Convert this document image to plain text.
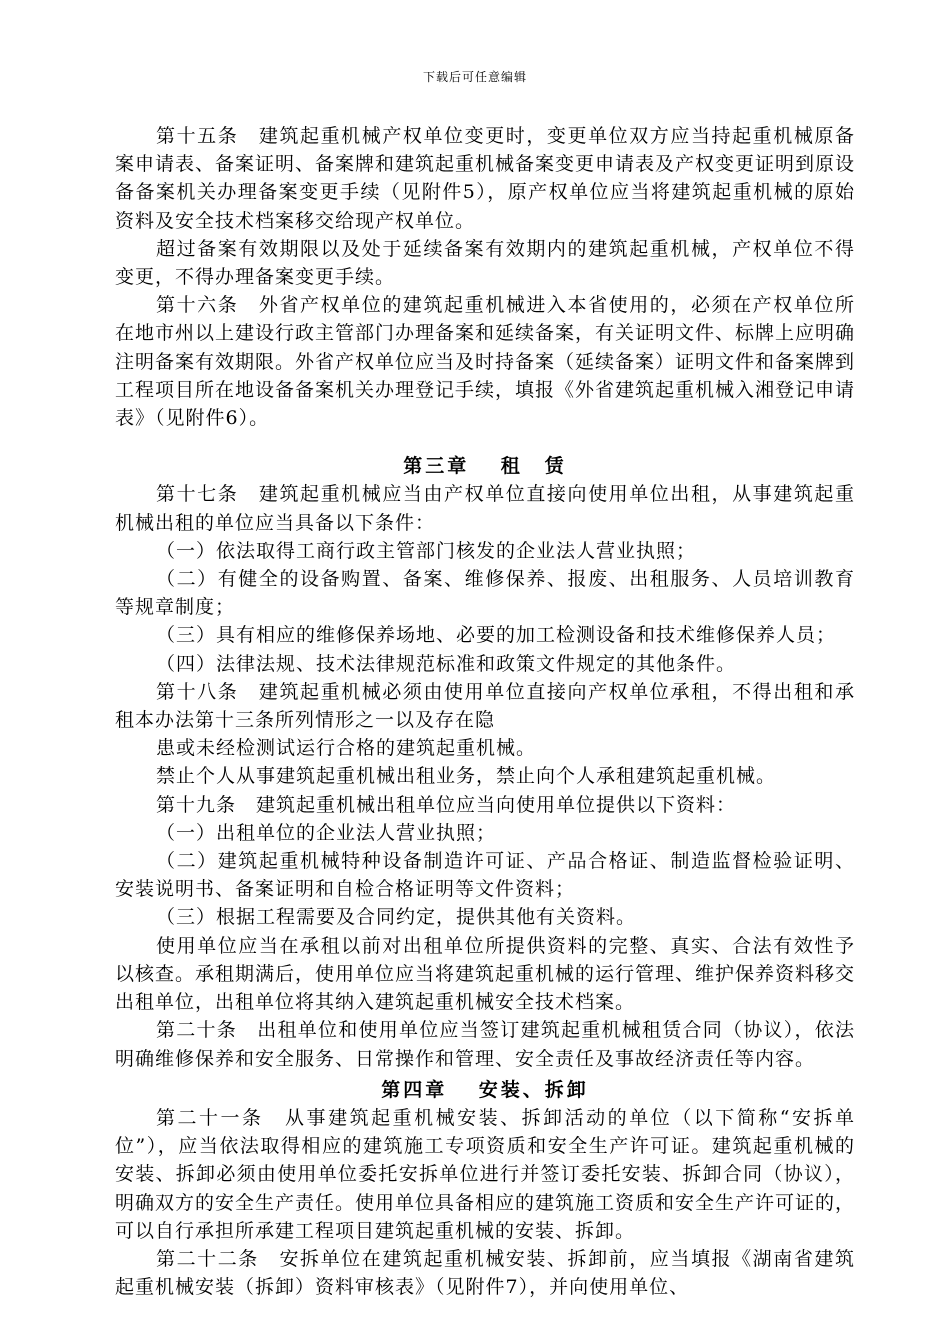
下载后可任意编辑

第十五条　建筑起重机械产权单位变更时，变更单位双方应当持起重机械原备案申请表、备案证明、备案牌和建筑起重机械备案变更申请表及产权变更证明到原设备备案机关办理备案变更手续（见附件5），原产权单位应当将建筑起重机械的原始资料及安全技术档案移交给现产权单位。

超过备案有效期限以及处于延续备案有效期内的建筑起重机械，产权单位不得变更，不得办理备案变更手续。

第十六条　外省产权单位的建筑起重机械进入本省使用的，必须在产权单位所在地市州以上建设行政主管部门办理备案和延续备案，有关证明文件、标牌上应明确注明备案有效期限。外省产权单位应当及时持备案（延续备案）证明文件和备案牌到工程项目所在地设备备案机关办理登记手续，填报《外省建筑起重机械入湘登记申请表》（见附件6）。

第三章　 租　赁

第十七条　建筑起重机械应当由产权单位直接向使用单位出租，从事建筑起重机械出租的单位应当具备以下条件：

（一）依法取得工商行政主管部门核发的企业法人营业执照；

（二）有健全的设备购置、备案、维修保养、报废、出租服务、人员培训教育等规章制度；

（三）具有相应的维修保养场地、必要的加工检测设备和技术维修保养人员；

（四）法律法规、技术法律规范标准和政策文件规定的其他条件。

第十八条　建筑起重机械必须由使用单位直接向产权单位承租，不得出租和承租本办法第十三条所列情形之一以及存在隐

患或未经检测试运行合格的建筑起重机械。

禁止个人从事建筑起重机械出租业务，禁止向个人承租建筑起重机械。

第十九条　建筑起重机械出租单位应当向使用单位提供以下资料：

（一）出租单位的企业法人营业执照；

（二）建筑起重机械特种设备制造许可证、产品合格证、制造监督检验证明、安装说明书、备案证明和自检合格证明等文件资料；

（三）根据工程需要及合同约定，提供其他有关资料。

使用单位应当在承租以前对出租单位所提供资料的完整、真实、合法有效性予以核查。承租期满后，使用单位应当将建筑起重机械的运行管理、维护保养资料移交出租单位，出租单位将其纳入建筑起重机械安全技术档案。

第二十条　出租单位和使用单位应当签订建筑起重机械租赁合同（协议），依法明确维修保养和安全服务、日常操作和管理、安全责任及事故经济责任等内容。

第四章　 安装、拆卸

第二十一条　从事建筑起重机械安装、拆卸活动的单位（以下简称“安拆单位”），应当依法取得相应的建筑施工专项资质和安全生产许可证。建筑起重机械的安装、拆卸必须由使用单位委托安拆单位进行并签订委托安装、拆卸合同（协议），明确双方的安全生产责任。使用单位具备相应的建筑施工资质和安全生产许可证的，可以自行承担所承建工程项目建筑起重机械的安装、拆卸。

第二十二条　安拆单位在建筑起重机械安装、拆卸前，应当填报《湖南省建筑起重机械安装（拆卸）资料审核表》（见附件7），并向使用单位、
